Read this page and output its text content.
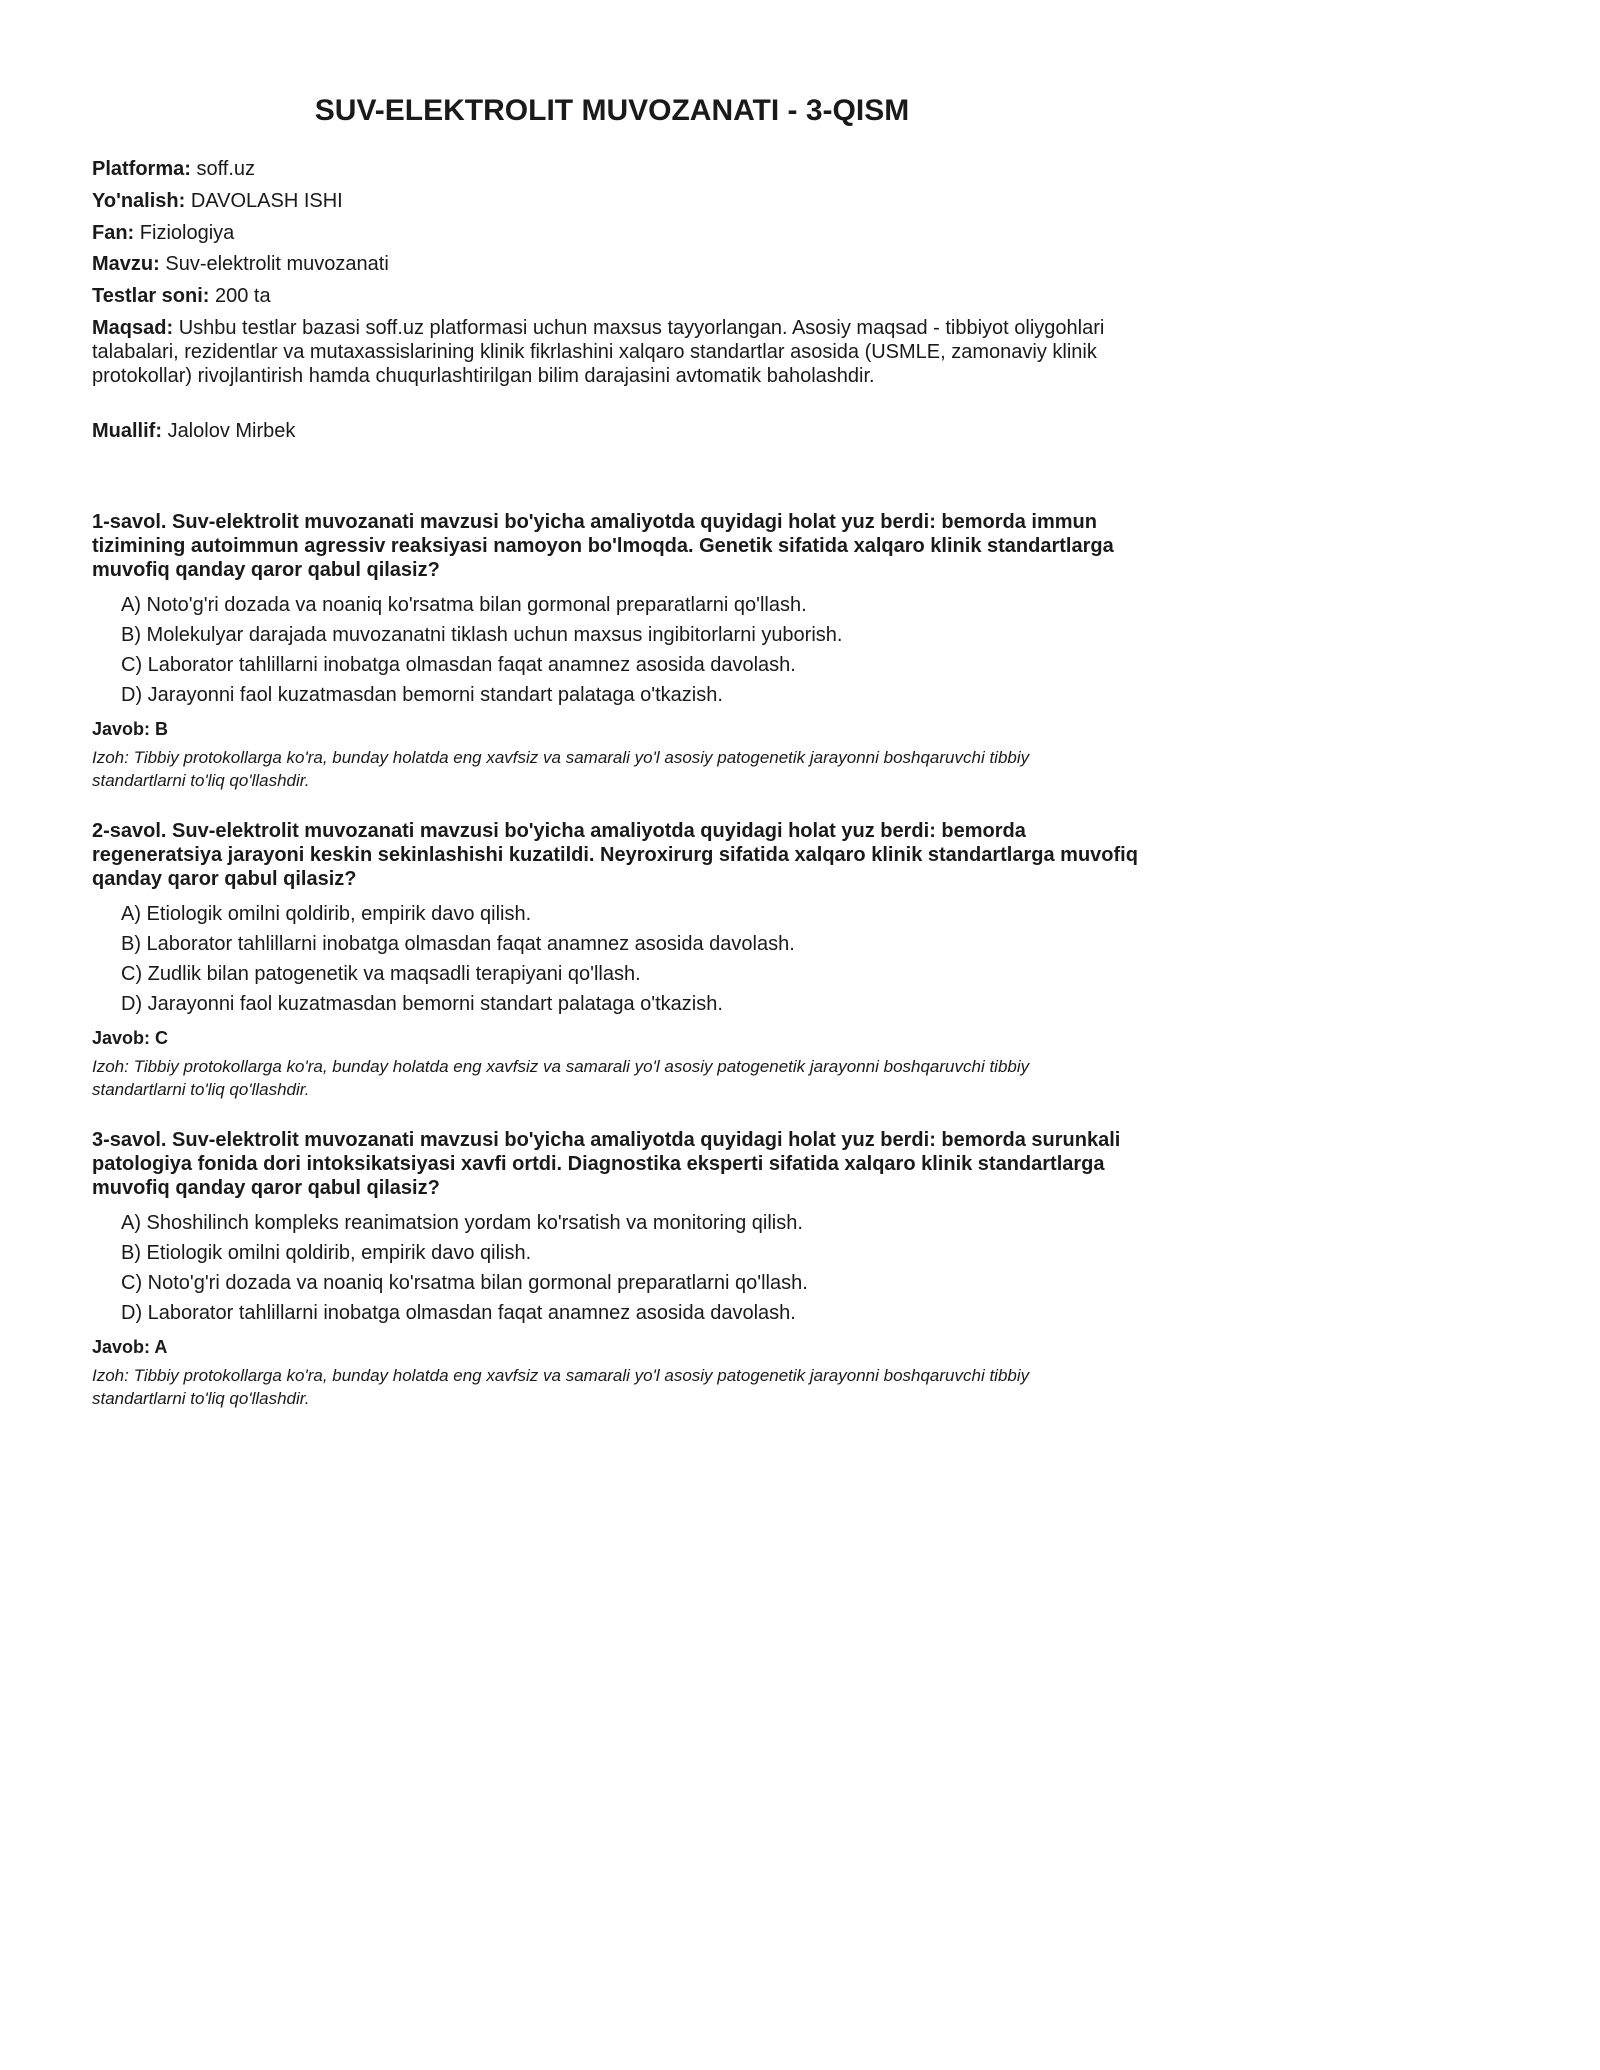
SUV-ELEKTROLIT MUVOZANATI - 3-QISM
Platforma: soff.uz
Yo'nalish: DAVOLASH ISHI
Fan: Fiziologiya
Mavzu: Suv-elektrolit muvozanati
Testlar soni: 200 ta
Maqsad: Ushbu testlar bazasi soff.uz platformasi uchun maxsus tayyorlangan. Asosiy maqsad - tibbiyot oliygohlari talabalari, rezidentlar va mutaxassislarining klinik fikrlashini xalqaro standartlar asosida (USMLE, zamonaviy klinik protokollar) rivojlantirish hamda chuqurlashtirilgan bilim darajasini avtomatik baholashdir.
Muallif: Jalolov Mirbek

1-savol. Suv-elektrolit muvozanati mavzusi bo'yicha amaliyotda quyidagi holat yuz berdi: bemorda immun tizimining autoimmun agressiv reaksiyasi namoyon bo'lmoqda. Genetik sifatida xalqaro klinik standartlarga muvofiq qanday qaror qabul qilasiz?

A) Noto'g'ri dozada va noaniq ko'rsatma bilan gormonal preparatlarni qo'llash.
B) Molekulyar darajada muvozanatni tiklash uchun maxsus ingibitorlarni yuborish.
C) Laborator tahlillarni inobatga olmasdan faqat anamnez asosida davolash.
D) Jarayonni faol kuzatmasdan bemorni standart palataga o'tkazish.
Javob: B
Izoh: Tibbiy protokollarga ko'ra, bunday holatda eng xavfsiz va samarali yo'l asosiy patogenetik jarayonni boshqaruvchi tibbiy standartlarni to'liq qo'llashdir.

2-savol. Suv-elektrolit muvozanati mavzusi bo'yicha amaliyotda quyidagi holat yuz berdi: bemorda regeneratsiya jarayoni keskin sekinlashishi kuzatildi. Neyroxirurg sifatida xalqaro klinik standartlarga muvofiq qanday qaror qabul qilasiz?

A) Etiologik omilni qoldirib, empirik davo qilish.
B) Laborator tahlillarni inobatga olmasdan faqat anamnez asosida davolash.
C) Zudlik bilan patogenetik va maqsadli terapiyani qo'llash.
D) Jarayonni faol kuzatmasdan bemorni standart palataga o'tkazish.
Javob: C
Izoh: Tibbiy protokollarga ko'ra, bunday holatda eng xavfsiz va samarali yo'l asosiy patogenetik jarayonni boshqaruvchi tibbiy standartlarni to'liq qo'llashdir.

3-savol. Suv-elektrolit muvozanati mavzusi bo'yicha amaliyotda quyidagi holat yuz berdi: bemorda surunkali patologiya fonida dori intoksikatsiyasi xavfi ortdi. Diagnostika eksperti sifatida xalqaro klinik standartlarga muvofiq qanday qaror qabul qilasiz?

A) Shoshilinch kompleks reanimatsion yordam ko'rsatish va monitoring qilish.
B) Etiologik omilni qoldirib, empirik davo qilish.
C) Noto'g'ri dozada va noaniq ko'rsatma bilan gormonal preparatlarni qo'llash.
D) Laborator tahlillarni inobatga olmasdan faqat anamnez asosida davolash.
Javob: A
Izoh: Tibbiy protokollarga ko'ra, bunday holatda eng xavfsiz va samarali yo'l asosiy patogenetik jarayonni boshqaruvchi tibbiy standartlarni to'liq qo'llashdir.
